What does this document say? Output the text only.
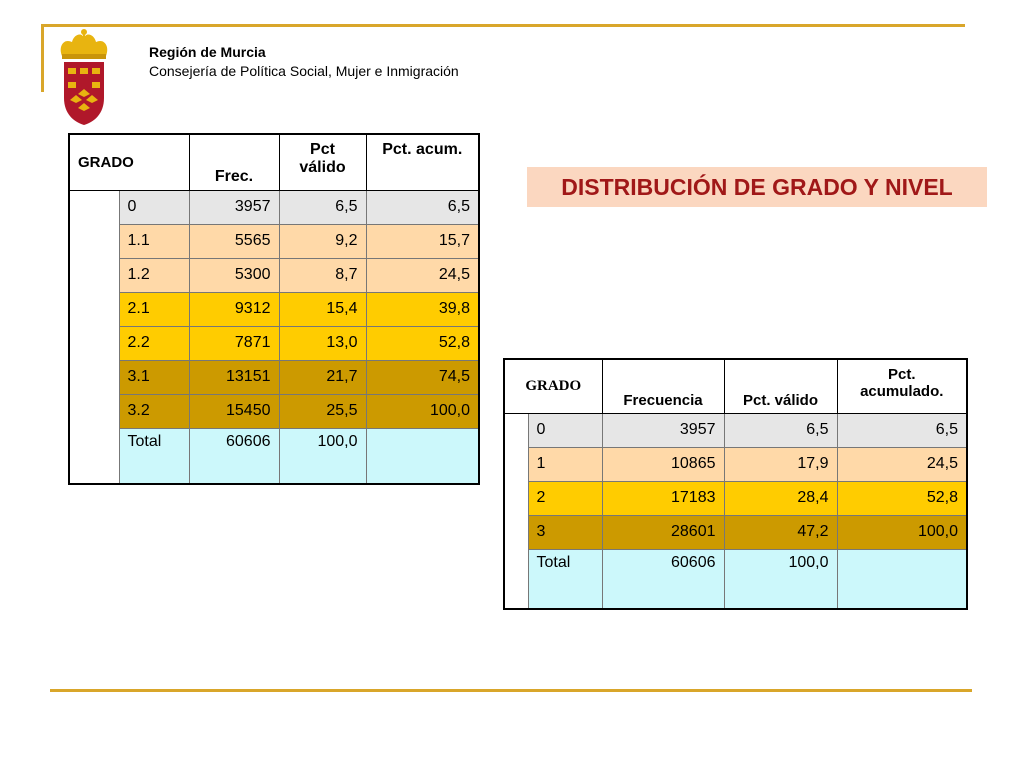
Región de Murcia
Consejería de Política Social, Mujer e Inmigración
DISTRIBUCIÓN DE GRADO Y NIVEL
GRADO		Frec.	Pct válido	Pct. acum.
	0	3957	6,5	6,5
	1.1	5565	9,2	15,7
	1.2	5300	8,7	24,5
	2.1	9312	15,4	39,8
	2.2	7871	13,0	52,8
	3.1	13151	21,7	74,5
	3.2	15450	25,5	100,0
	Total	60606	100,0	
GRADO		Frecuencia	Pct. válido	Pct. acumulado.
	0	3957	6,5	6,5
	1	10865	17,9	24,5
	2	17183	28,4	52,8
	3	28601	47,2	100,0
	Total	60606	100,0	
